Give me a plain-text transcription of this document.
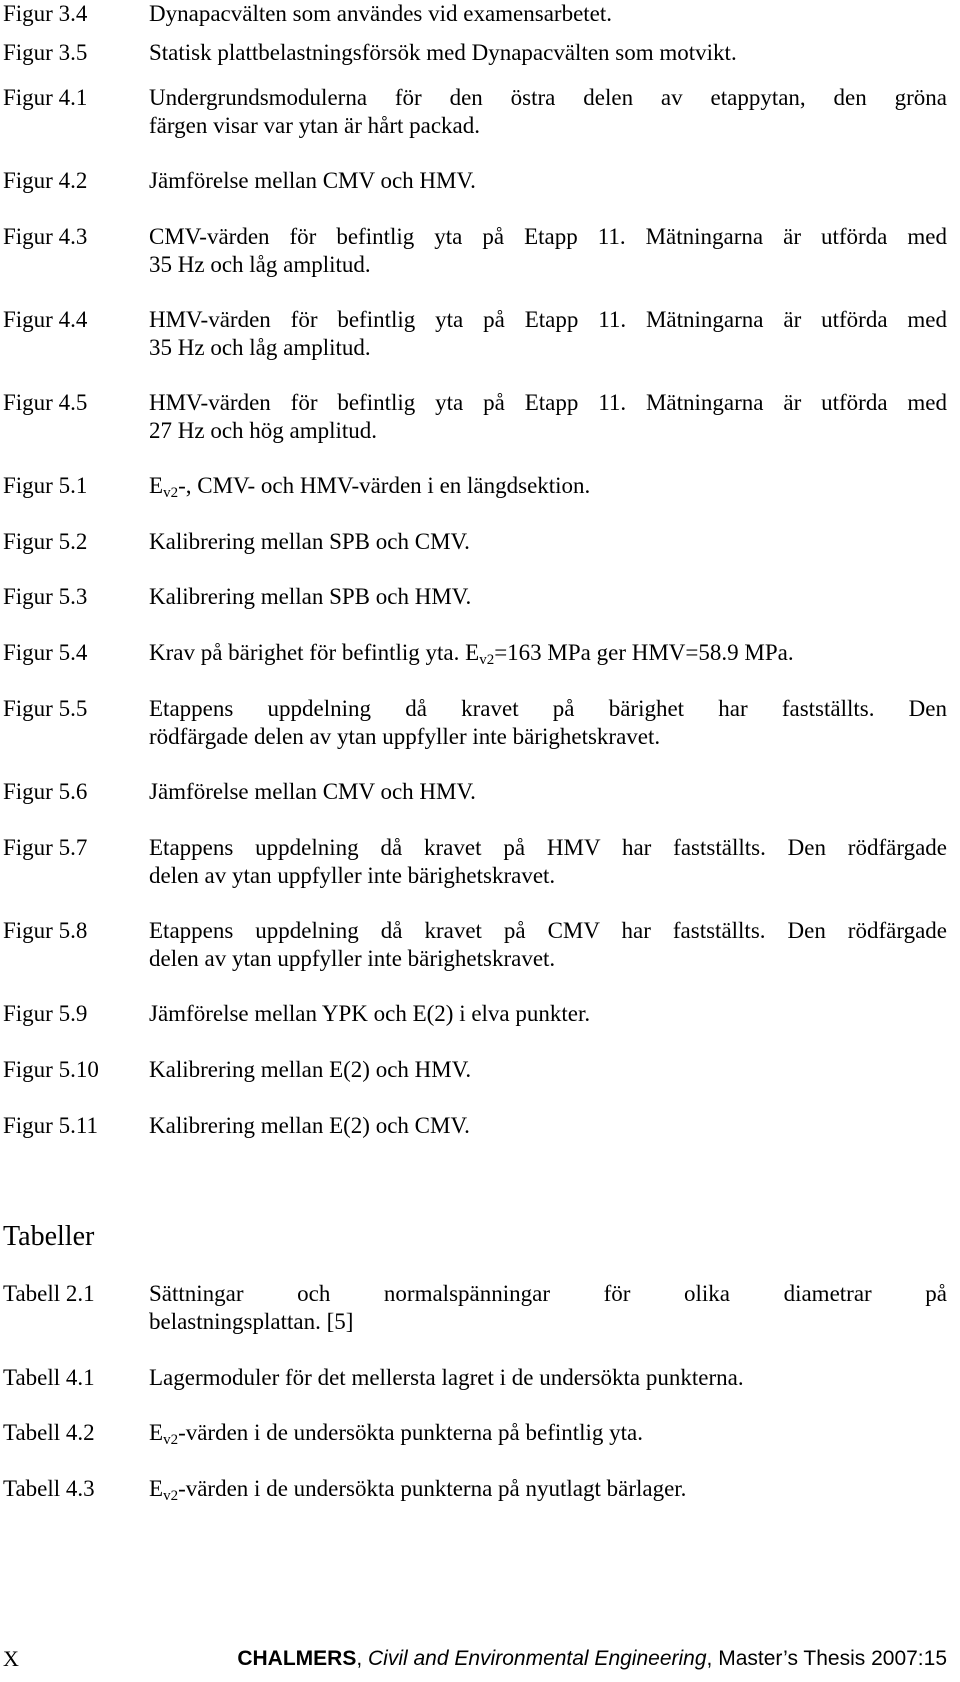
Figur 3.4	Dynapacvälten som användes vid examensarbetet.
Figur 3.5	Statisk plattbelastningsförsök med Dynapacvälten som motvikt.
Figur 4.1	Undergrundsmodulerna för den östra delen av etappytan, den gröna
färgen visar var ytan är hårt packad.
Figur 4.2	Jämförelse mellan CMV och HMV.
Figur 4.3	CMV-värden för befintlig yta på Etapp 11. Mätningarna är utförda med
35 Hz och låg amplitud.
Figur 4.4	HMV-värden för befintlig yta på Etapp 11. Mätningarna är utförda med
35 Hz och låg amplitud.
Figur 4.5	HMV-värden för befintlig yta på Etapp 11. Mätningarna är utförda med
27 Hz och hög amplitud.
Figur 5.1	$E_{v2}-$, CMV- och HMV-värden i en längdsektion.
Figur 5.2	Kalibrering mellan SPB och CMV.
Figur 5.3	Kalibrering mellan SPB och HMV.
Figur 5.4	Krav på bärighet för befintlig yta. $E_{v2}=163$ MPa ger HMV=58.9 MPa.
Figur 5.5	Etappens uppdelning då kravet på bärighet har fastställts. Den
rödfärgade delen av ytan uppfyller inte bärighetskravet.
Figur 5.6	Jämförelse mellan CMV och HMV.
Figur 5.7	Etappens uppdelning då kravet på HMV har fastställts. Den rödfärgade
delen av ytan uppfyller inte bärighetskravet.
Figur 5.8	Etappens uppdelning då kravet på CMV har fastställts. Den rödfärgade
delen av ytan uppfyller inte bärighetskravet.
Figur 5.9	Jämförelse mellan YPK och E(2) i elva punkter.
Figur 5.10 Kalibrering mellan E(2) och HMV.
Figur 5.11 Kalibrering mellan E(2) och CMV.
Tabeller
Tabell 2.1 Sättningar och normalspänningar för olika diametrar på
belastningsplattan. [5]
Tabell 4.1 Lagermoduler för det mellersta lagret i de undersökta punkterna.
Tabell 4.2 $E_{v2}$-värden i de undersökta punkterna på befintlig yta.
Tabell 4.3 $E_{v2}$-värden i de undersökta punkterna på nyutlagt bärlager.
X	CHALMERS, Civil and Environmental Engineering, Master’s Thesis 2007:15
